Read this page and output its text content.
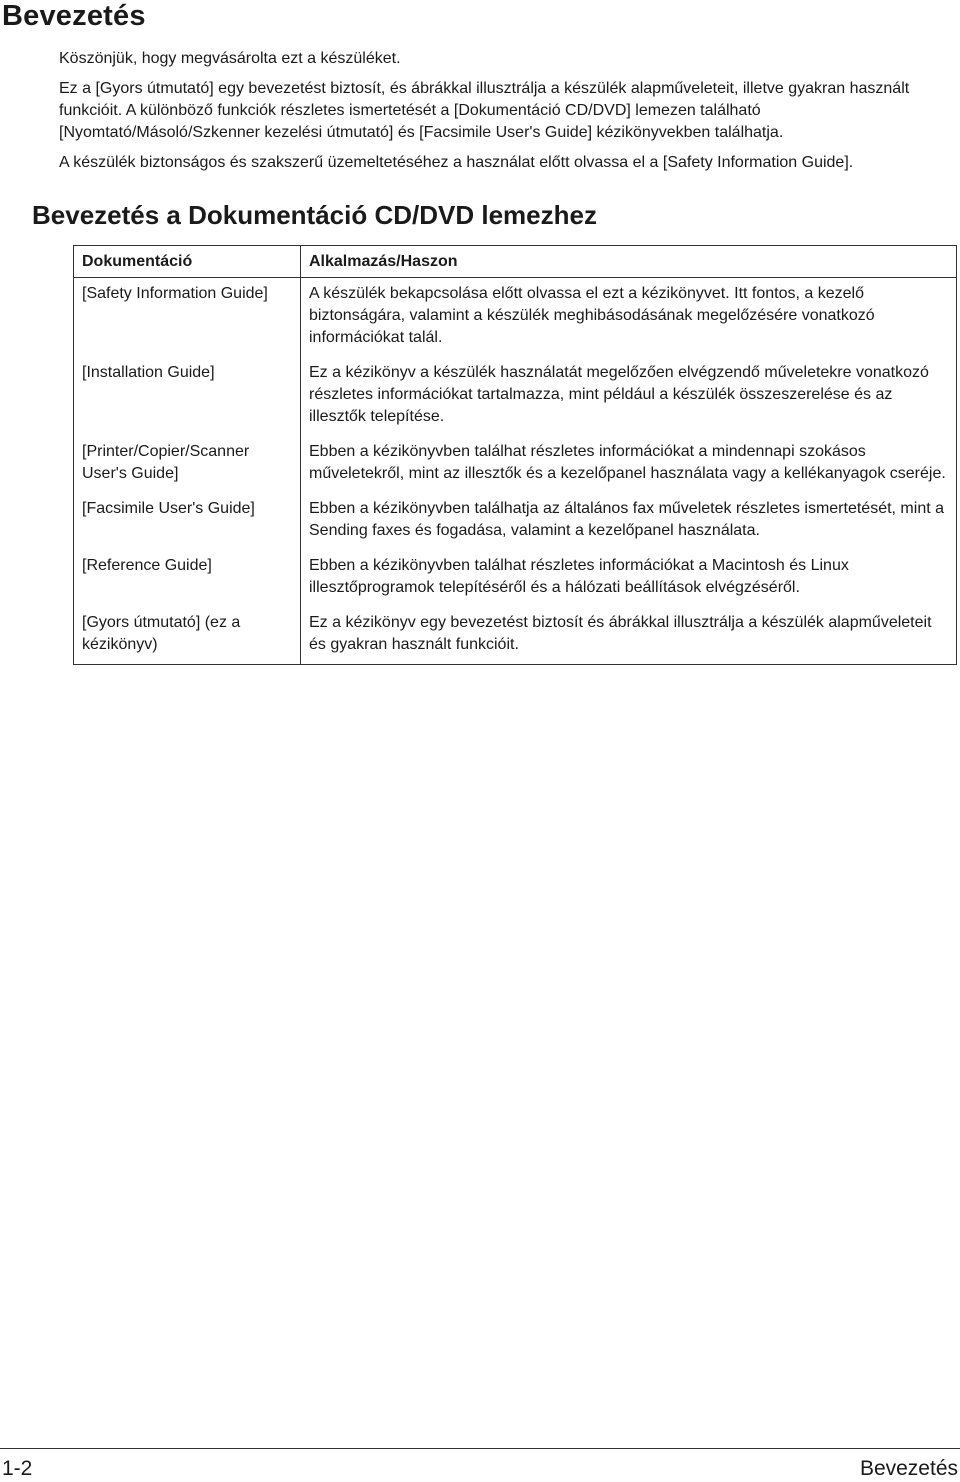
Bevezetés

Köszönjük, hogy megvásárolta ezt a készüléket.

Ez a [Gyors útmutató] egy bevezetést biztosít, és ábrákkal illusztrálja a készülék alapműveleteit, illetve gyakran használt funkcióit. A különböző funkciók részletes ismertetését a [Dokumentáció CD/DVD] lemezen található [Nyomtató/Másoló/Szkenner kezelési útmutató] és [Facsimile User's Guide] kézikönyvekben találhatja.

A készülék biztonságos és szakszerű üzemeltetéséhez a használat előtt olvassa el a [Safety Information Guide].

Bevezetés a Dokumentáció CD/DVD lemezhez
Dokumentáció	Alkalmazás/Haszon
[Safety Information Guide]	A készülék bekapcsolása előtt olvassa el ezt a kézikönyvet. Itt fontos, a kezelő biztonságára, valamint a készülék meghibásodásának megelőzésére vonatkozó információkat talál.
[Installation Guide]	Ez a kézikönyv a készülék használatát megelőzően elvégzendő műveletekre vonatkozó részletes információkat tartalmazza, mint például a készülék összeszerelése és az illesztők telepítése.
[Printer/Copier/Scanner User's Guide]	Ebben a kézikönyvben találhat részletes információkat a mindennapi szokásos műveletekről, mint az illesztők és a kezelőpanel használata vagy a kellékanyagok cseréje.
[Facsimile User's Guide]	Ebben a kézikönyvben találhatja az általános fax műveletek részletes ismertetését, mint a Sending faxes és fogadása, valamint a kezelőpanel használata.
[Reference Guide]	Ebben a kézikönyvben találhat részletes információkat a Macintosh és Linux illesztőprogramok telepítéséről és a hálózati beállítások elvégzéséről.
[Gyors útmutató] (ez a kézikönyv)	Ez a kézikönyv egy bevezetést biztosít és ábrákkal illusztrálja a készülék alapműveleteit és gyakran használt funkcióit.
1-2	Bevezetés
